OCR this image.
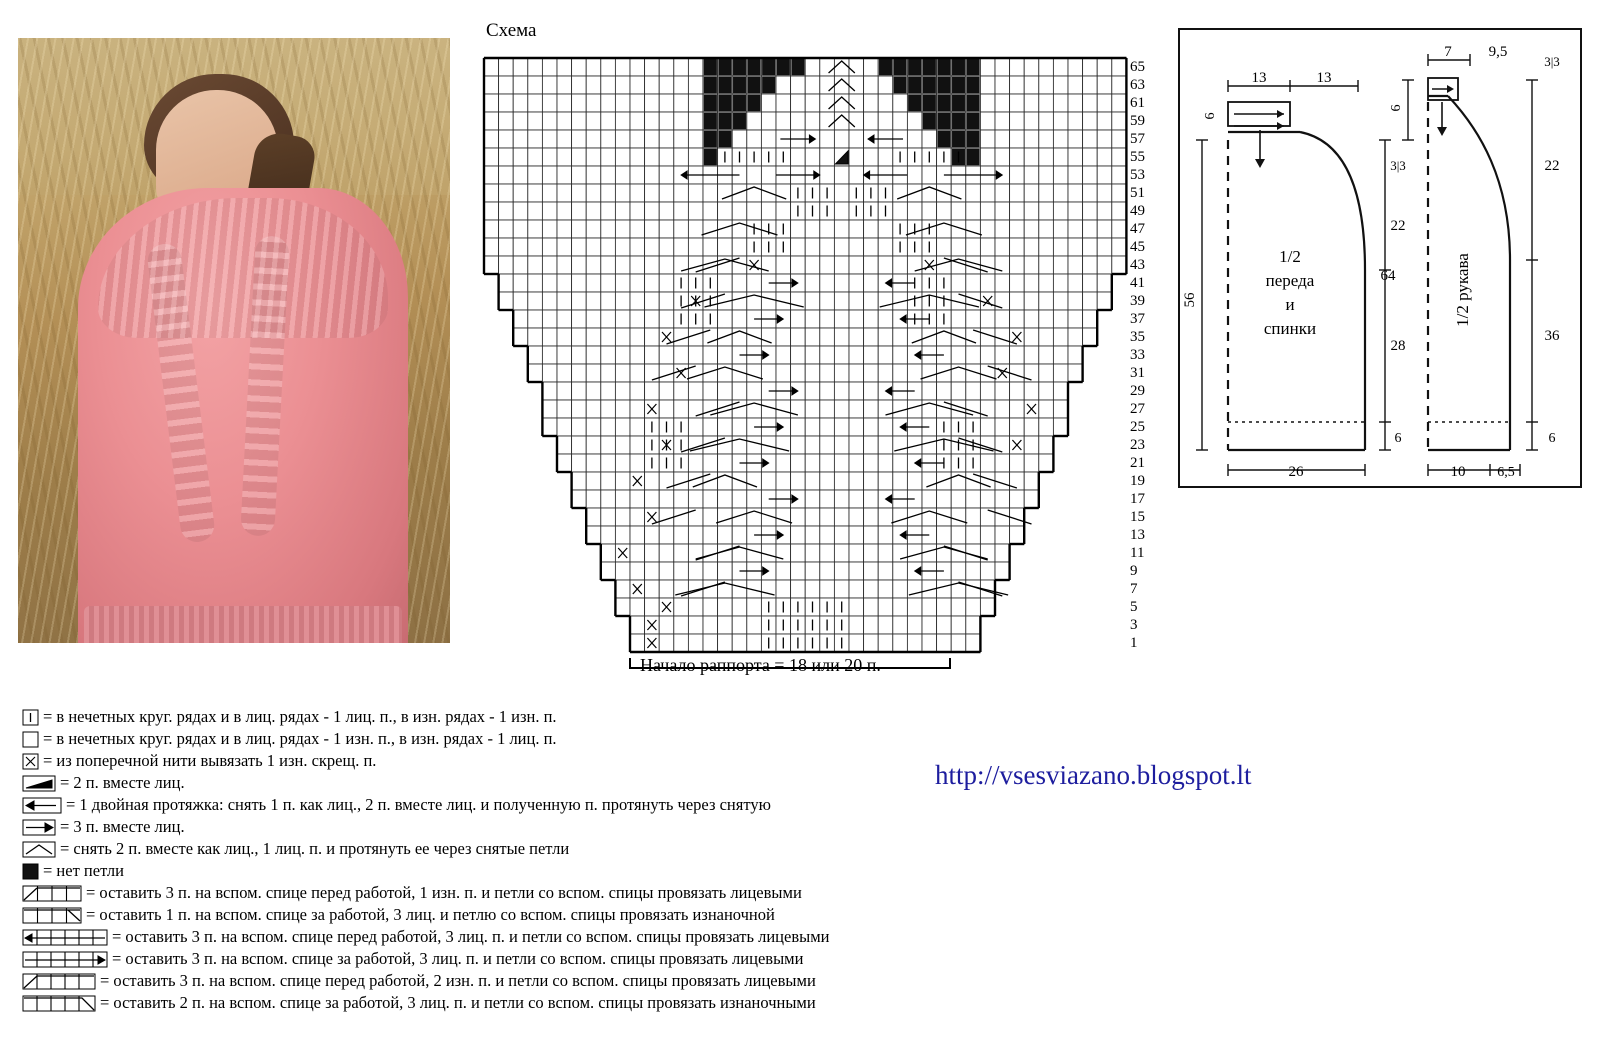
Схема
65
63
61
59
57
55
53
51
49
47
45
43
41
39
37
35
33
31
29
27
25
23
21
19
17
15
13
11
9
7
5
3
1
Начало раппорта = 18 или 20 п.
56
13	13
6
3|3
22
28
6
26
7 9,5
6
3|3
22
64
36
6
10 6,5
1/2
переда
и
спинки
1/2 рукава
= в нечетных круг. рядах и в лиц. рядах - 1 лиц. п., в изн. рядах - 1 изн. п.
= в нечетных круг. рядах и в лиц. рядах - 1 изн. п., в изн. рядах - 1 лиц. п.
= из поперечной нити вывязать 1 изн. скрещ. п.
= 2 п. вместе лиц.
= 1 двойная протяжка: снять 1 п. как лиц., 2 п. вместе лиц. и полученную п. протянуть через снятую
= 3 п. вместе лиц.
= снять 2 п. вместе как лиц., 1 лиц. п. и протянуть ее через снятые петли
= нет петли
= оставить 3 п. на вспом. спице перед работой, 1 изн. п. и петли со вспом. спицы провязать лицевыми
= оставить 1 п. на вспом. спице за работой, 3 лиц. и петлю со вспом. спицы провязать изнаночной
= оставить 3 п. на вспом. спице перед работой, 3 лиц. п. и петли со вспом. спицы провязать лицевыми
= оставить 3 п. на вспом. спице за работой, 3 лиц. п. и петли со вспом. спицы провязать лицевыми
= оставить 3 п. на вспом. спице перед работой, 2 изн. п. и петли со вспом. спицы провязать лицевыми
= оставить 2 п. на вспом. спице за работой, 3 лиц. п. и петли со вспом. спицы провязать изнаночными
http://vsesviazano.blogspot.lt
